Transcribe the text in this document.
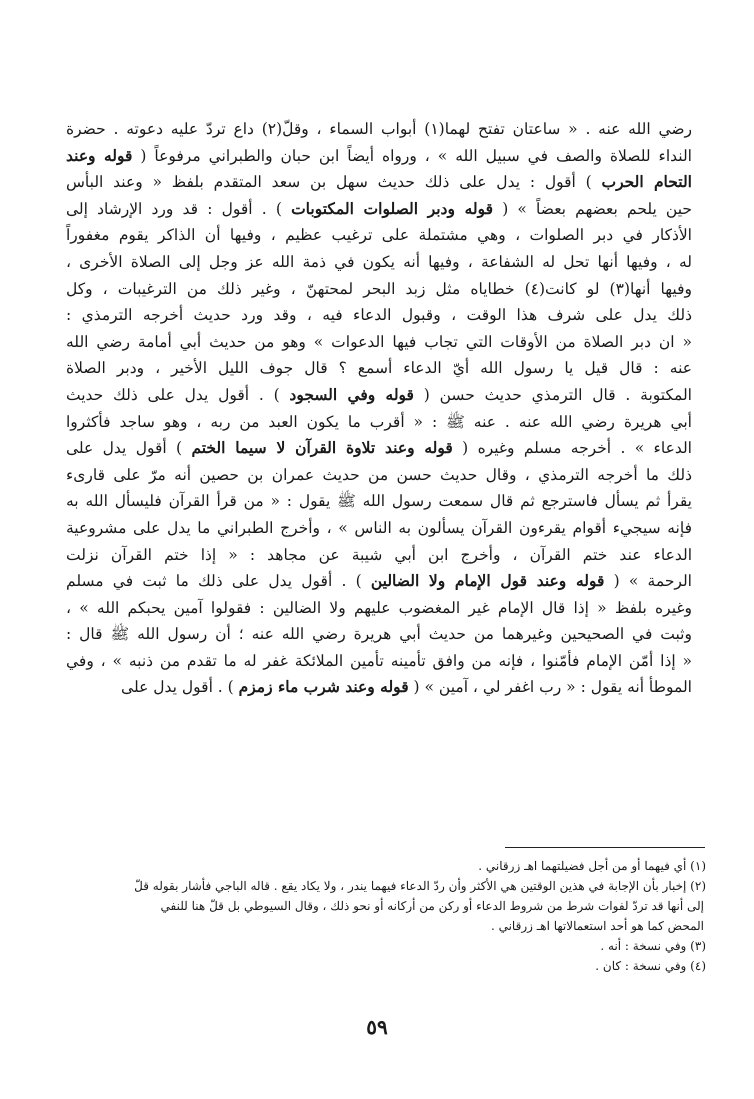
رضي الله عنه . « ساعتان تفتح لهما(١) أبواب السماء ، وقلّ(٢) داع تردّ عليه دعوته . حضرة
النداء للصلاة والصف في سبيل الله » ، ورواه أيضاً ابن حبان والطبراني مرفوعاً ( قوله وعند
التحام الحرب ) أقول : يدل على ذلك حديث سهل بن سعد المتقدم بلفظ « وعند البأس
حين يلحم بعضهم بعضاً » ( قوله ودبر الصلوات المكتوبات ) . أقول : قد ورد الإرشاد إلى
الأذكار في دبر الصلوات ، وهي مشتملة على ترغيب عظيم ، وفيها أن الذاكر يقوم مغفوراً
له ، وفيها أنها تحل له الشفاعة ، وفيها أنه يكون في ذمة الله عز وجل إلى الصلاة الأخرى ،
وفيها أنها(٣) لو كانت(٤) خطاياه مثل زبد البحر لمحتهنّ ، وغير ذلك من الترغيبات ، وكل
ذلك يدل على شرف هذا الوقت ، وقبول الدعاء فيه ، وقد ورد حديث أخرجه الترمذي :
« ان دبر الصلاة من الأوقات التي تجاب فيها الدعوات » وهو من حديث أبي أمامة رضي الله
عنه : قال قيل يا رسول الله أيّ الدعاء أسمع ؟ قال جوف الليل الأخير ، ودبر الصلاة
المكتوبة . قال الترمذي حديث حسن ( قوله وفي السجود ) . أقول يدل على ذلك حديث
أبي هريرة رضي الله عنه . عنه ﷺ : « أقرب ما يكون العبد من ربه ، وهو ساجد فأكثروا
الدعاء » . أخرجه مسلم وغيره ( قوله وعند تلاوة القرآن لا سيما الختم ) أقول يدل على
ذلك ما أخرجه الترمذي ، وقال حديث حسن من حديث عمران بن حصين أنه مرّ على قارىء
يقرأ ثم يسأل فاسترجع ثم قال سمعت رسول الله ﷺ يقول : « من قرأ القرآن فليسأل الله به
فإنه سيجيء أقوام يقرءون القرآن يسألون به الناس » ، وأخرج الطبراني ما يدل على مشروعية
الدعاء عند ختم القرآن ، وأخرج ابن أبي شيبة عن مجاهد : « إذا ختم القرآن نزلت
الرحمة » ( قوله وعند قول الإمام ولا الضالين ) . أقول يدل على ذلك ما ثبت في مسلم
وغيره بلفظ « إذا قال الإمام غير المغضوب عليهم ولا الضالين : فقولوا آمين يحبكم الله » ،
وثبت في الصحيحين وغيرهما من حديث أبي هريرة رضي الله عنه ؛ أن رسول الله ﷺ قال :
« إذا أمّن الإمام فأمّنوا ، فإنه من وافق تأمينه تأمين الملائكة غفر له ما تقدم من ذنبه » ، وفي
الموطأ أنه يقول : « رب اغفر لي ، آمين » ( قوله وعند شرب ماء زمزم ) . أقول يدل على
(١) أي فيهما أو من أجل فضيلتهما اهـ زرقاني .
(٢) إخبار بأن الإجابة في هذين الوقتين هي الأكثر وأن ردّ الدعاء فيهما يندر ، ولا يكاد يقع . قاله الباجي فأشار بقوله قلّ
إلى أنها قد تردّ لفوات شرط من شروط الدعاء أو ركن من أركانه أو نحو ذلك ، وقال السيوطي بل قلّ هنا للنفي
المحض كما هو أحد استعمالاتها اهـ زرقاني .
(٣) وفي نسخة : أنه .
(٤) وفي نسخة : كان .
٥٩
